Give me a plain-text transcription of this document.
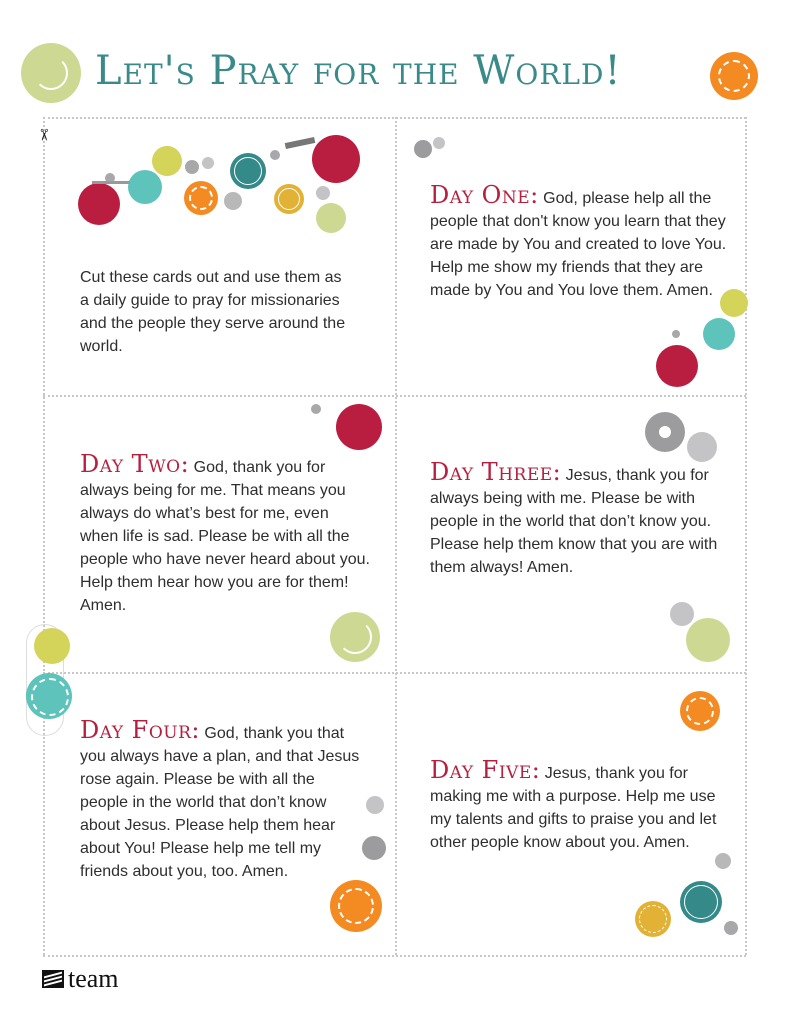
Let's Pray for the World!
✂
Cut these cards out and use them as a daily guide to pray for missionaries and the people they serve around the world.
Day One: God, please help all the people that don't know you learn that they are made by You and created to love You. Help me show my friends that they are made by You and You love them. Amen.
Day Two: God, thank you for always being for me. That means you always do what’s best for me, even when life is sad. Please be with all the people who have never heard about you. Help them hear how you are for them! Amen.
Day Three: Jesus, thank you for always being with me. Please be with people in the world that don’t know you. Please help them know that you are with them always! Amen.
Day Four: God, thank you that you always have a plan, and that Jesus rose again. Please be with all the people in the world that don’t know about Jesus. Please help them hear about You! Please help me tell my friends about you, too. Amen.
Day Five: Jesus, thank you for making me with a purpose. Help me use my talents and gifts to praise you and let other people know about you. Amen.
team
